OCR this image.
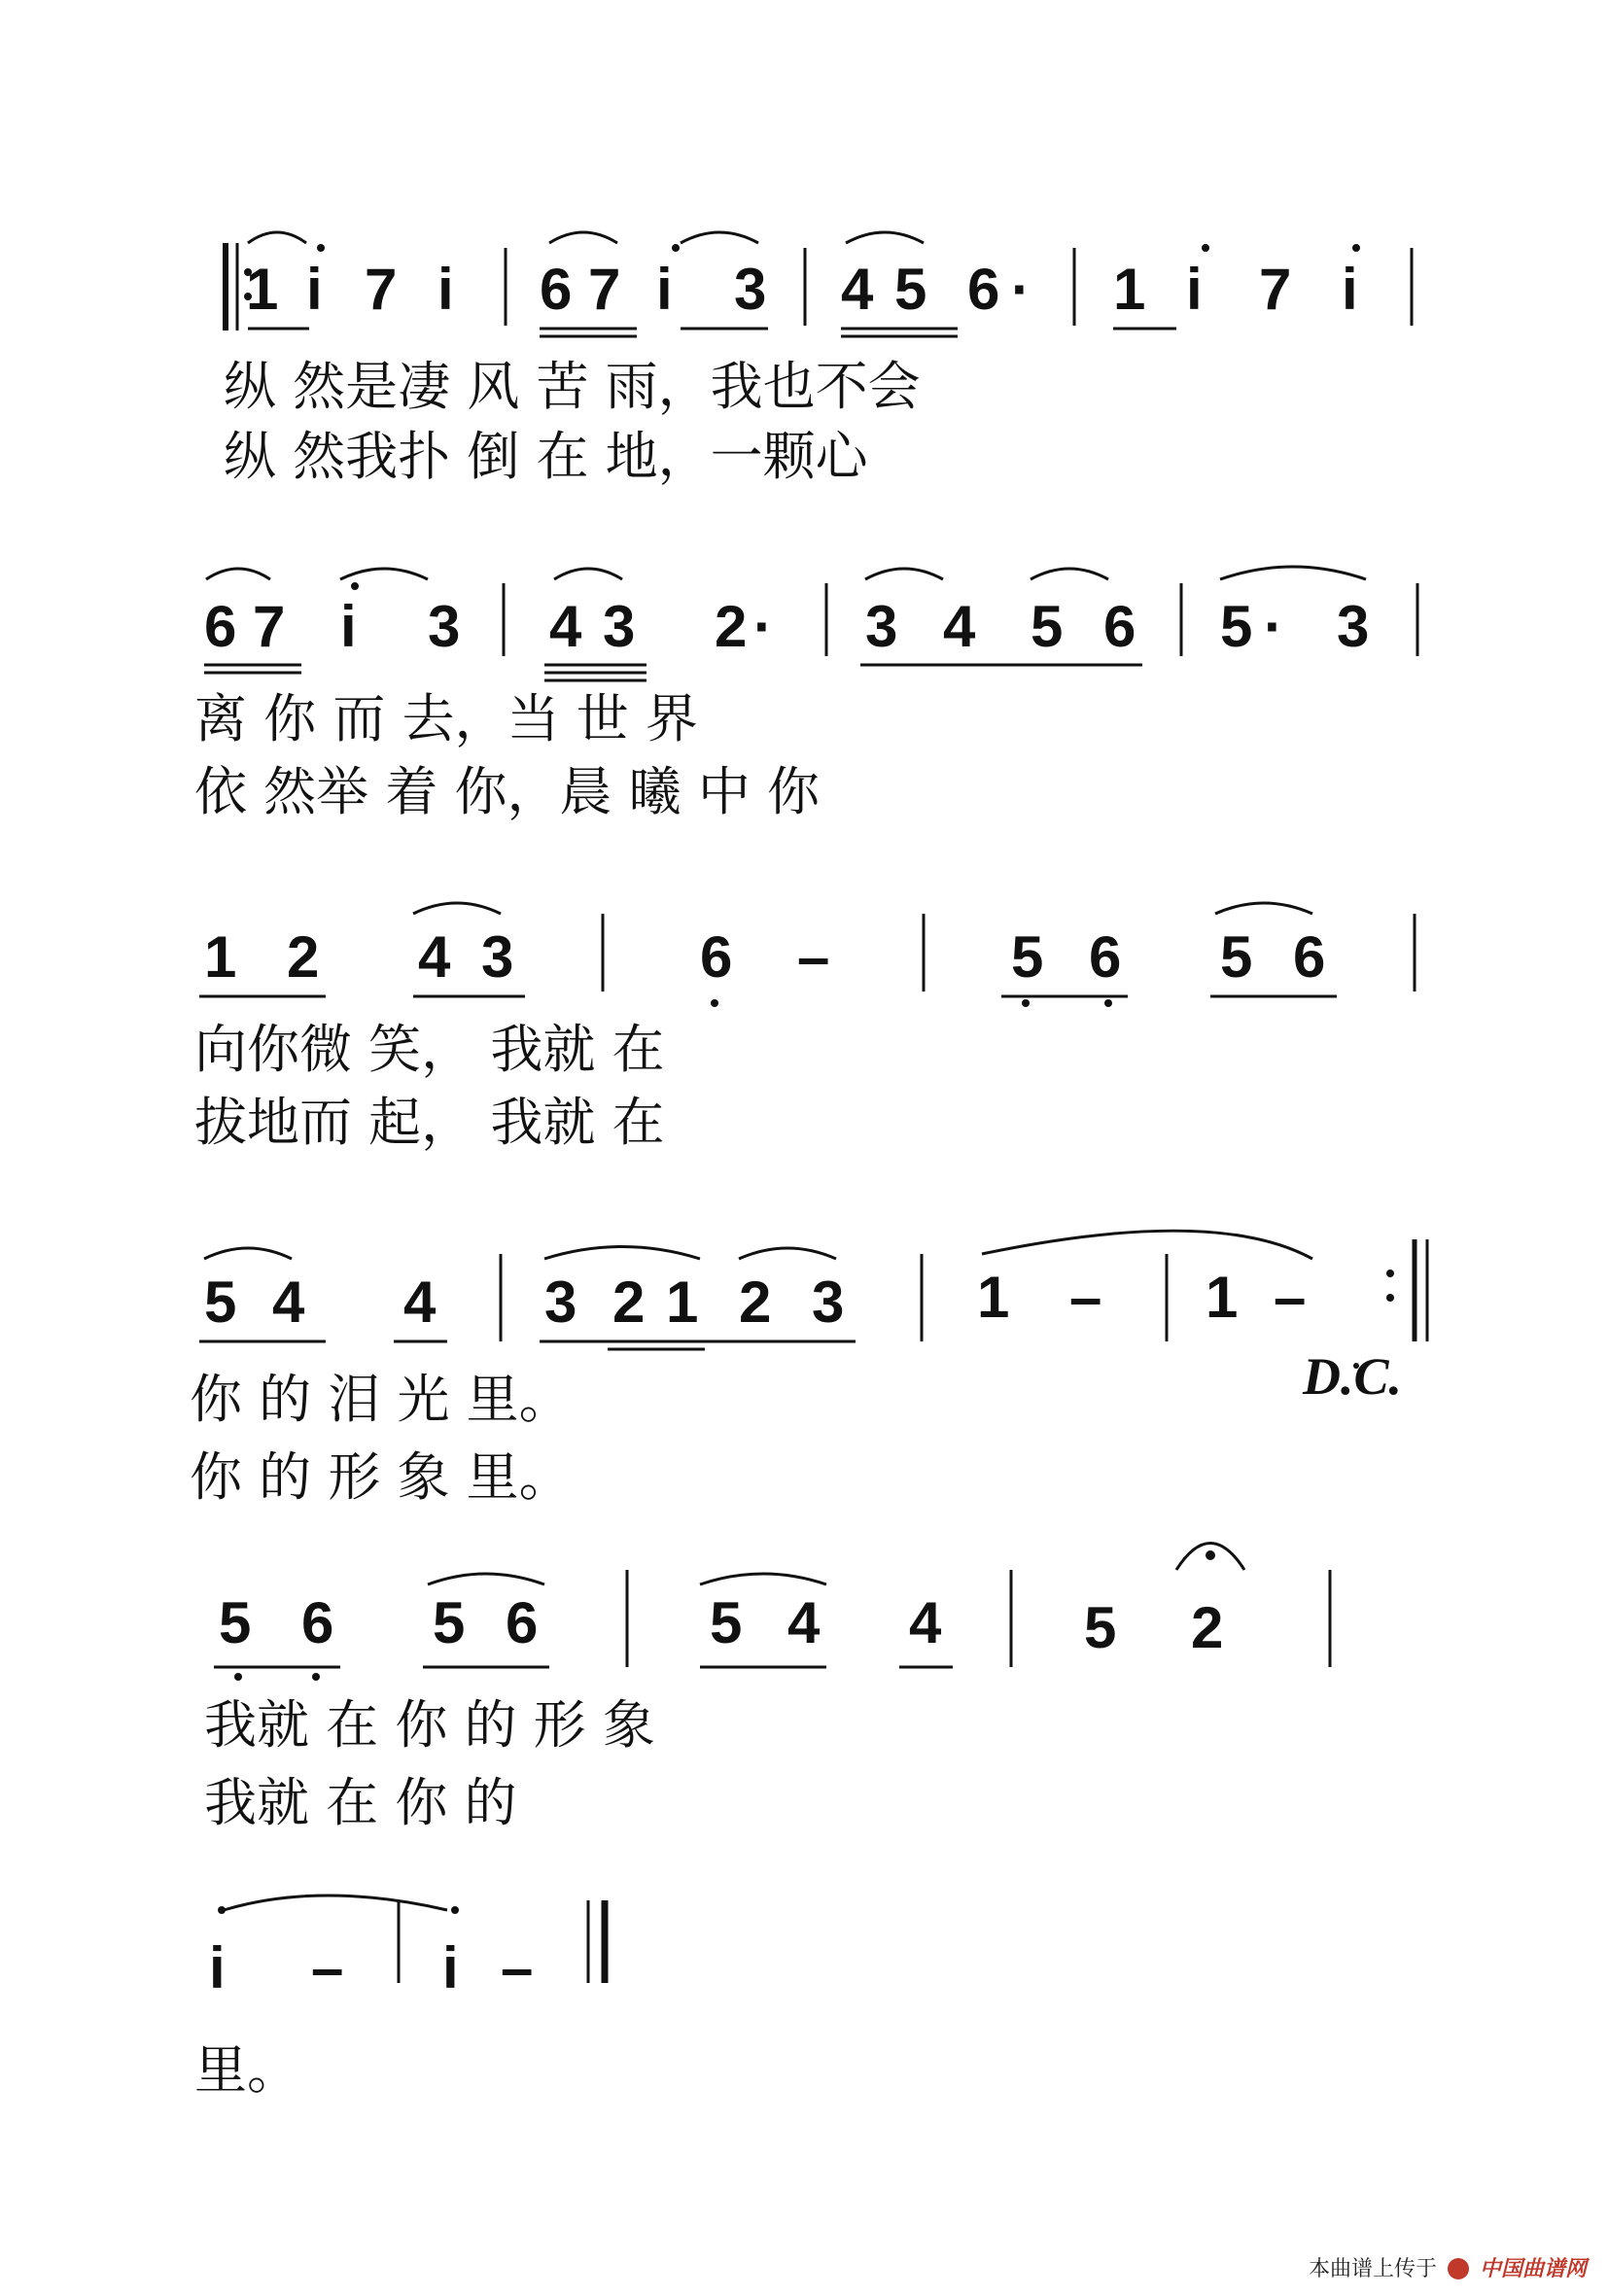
1 i 7 i 6 7 i 3 4 5 6 · 1 i 7 i
纵 然是凄 风 苦 雨，我也不会
纵 然我扑 倒 在 地，一颗心
6 7 i 3 4 3 2 · 3 4 5 6 5 · 3
离 你 而 去，当 世 界
依 然举 着 你，晨 曦 中 你
1 2 4 3	6 –	5 6 5 6
向你微 笑， 我就 在
拔地而 起， 我就 在
5 4 4 3 2 1 2 3 1 – 1 –
你 的 泪 光 里。
你 的 形 象 里。
D.C.
5 6 5 6	5 4 4 5 2
我就 在 你 的 形 象
我就 在 你 的
i – i –
里。
本曲谱上传于 中国曲谱网
